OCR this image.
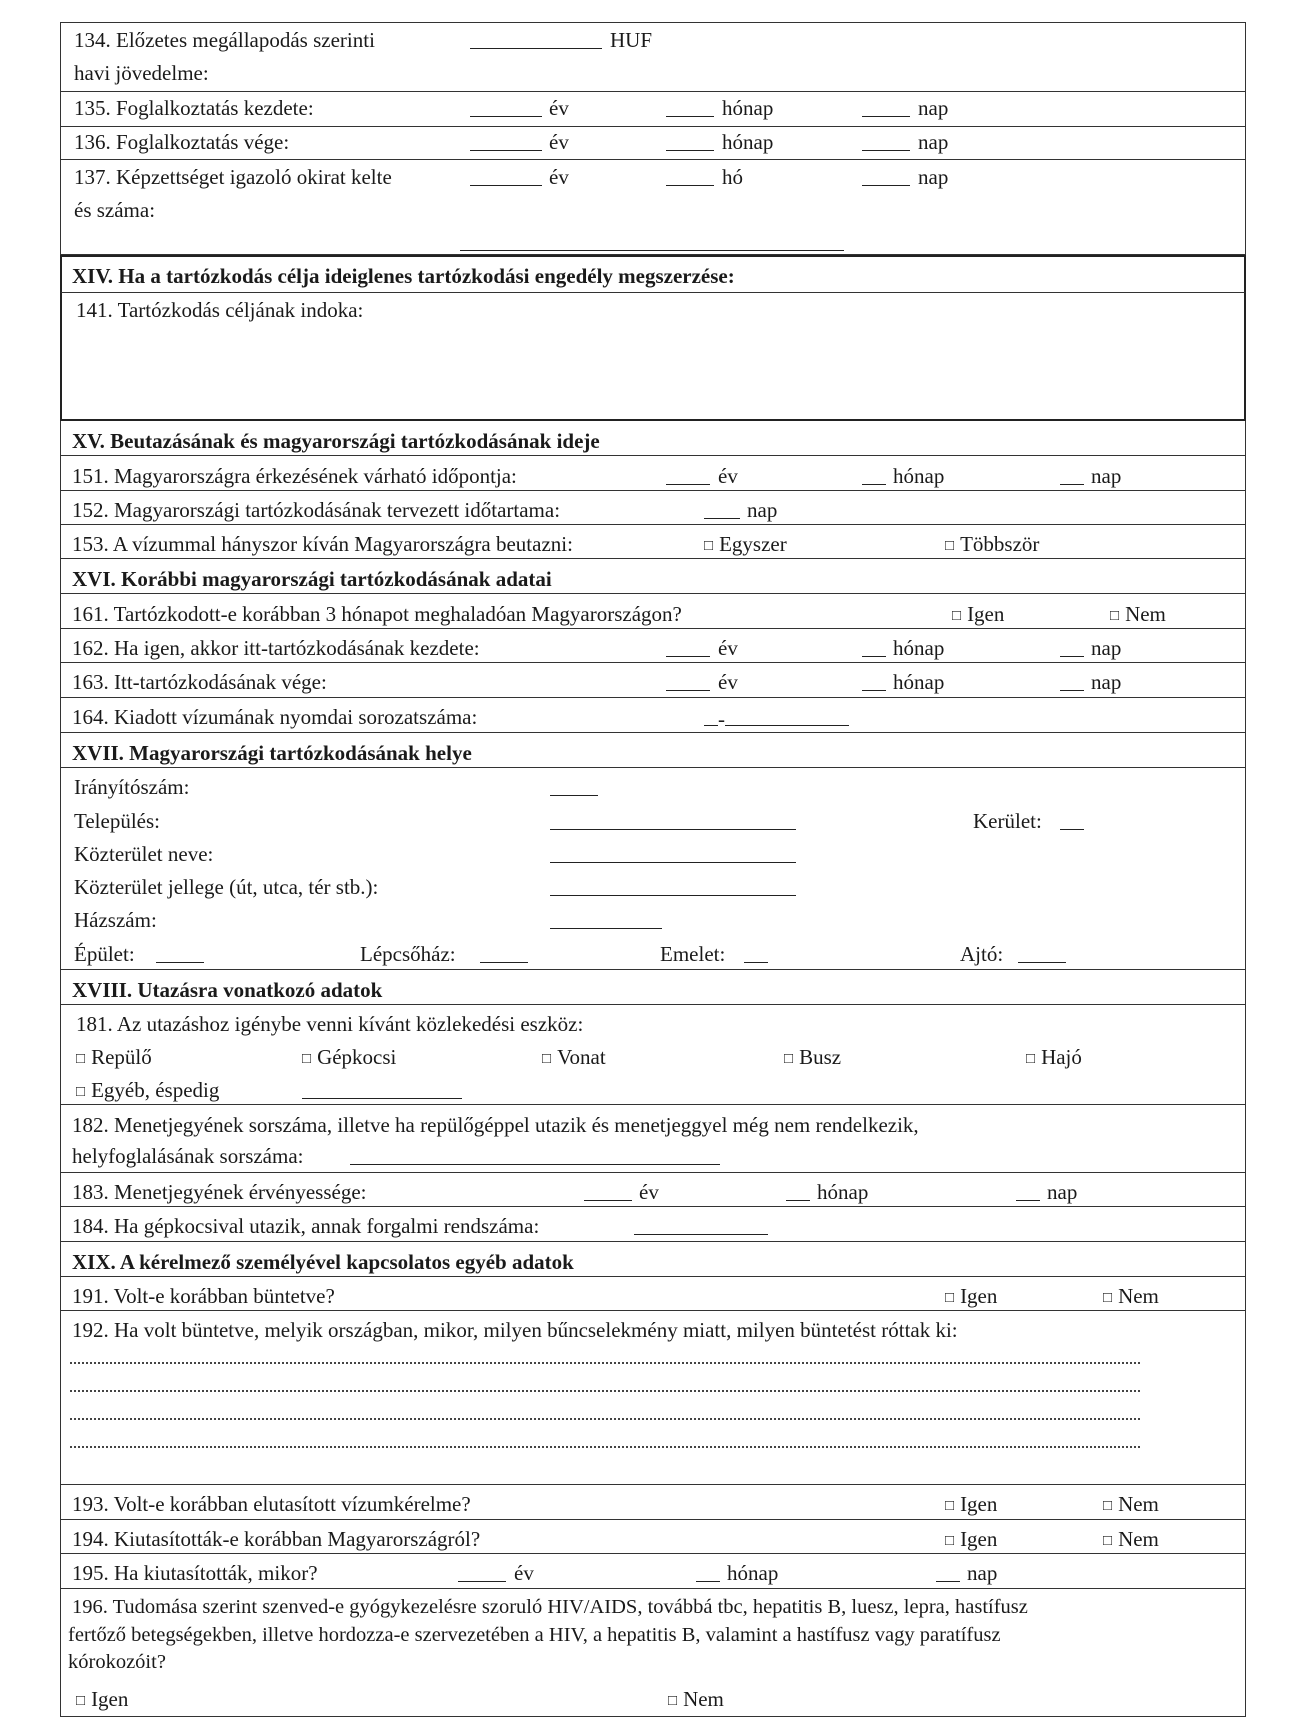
134. Előzetes megállapodás szerinti
havi jövedelme:
HUF
135. Foglalkoztatás kezdete:	év	hónap	nap
136. Foglalkoztatás vége:	év	hónap	nap
137. Képzettséget igazoló okirat kelte
és száma:
év	hó	nap
XIV. Ha a tartózkodás célja ideiglenes tartózkodási engedély megszerzése:
141. Tartózkodás céljának indoka:
XV. Beutazásának és magyarországi tartózkodásának ideje
151. Magyarországra érkezésének várható időpontja:	év	hónap	nap
152. Magyarországi tartózkodásának tervezett időtartama:	nap
153. A vízummal hányszor kíván Magyarországra beutazni:	□ Egyszer	□ Többször
XVI. Korábbi magyarországi tartózkodásának adatai
161. Tartózkodott-e korábban 3 hónapot meghaladóan Magyarországon?	□ Igen	□ Nem
162. Ha igen, akkor itt-tartózkodásának kezdete:	év	hónap	nap
163. Itt-tartózkodásának vége:	év	hónap	nap
164. Kiadott vízumának nyomdai sorozatszáma:	-
XVII. Magyarországi tartózkodásának helye
Irányítószám:
Település:	Kerület:
Közterület neve:
Közterület jellege (út, utca, tér stb.):
Házszám:
Épület:	Lépcsőház:	Emelet:	Ajtó:
XVIII. Utazásra vonatkozó adatok
181. Az utazáshoz igénybe venni kívánt közlekedési eszköz:
□ Repülő	□ Gépkocsi	□ Vonat	□ Busz	□ Hajó
□ Egyéb, éspedig
182. Menetjegyének sorszáma, illetve ha repülőgéppel utazik és menetjeggyel még nem rendelkezik,
helyfoglalásának sorszáma:
183. Menetjegyének érvényessége:	év	hónap	nap
184. Ha gépkocsival utazik, annak forgalmi rendszáma:
XIX. A kérelmező személyével kapcsolatos egyéb adatok
191. Volt-e korábban büntetve?	□ Igen	□ Nem
192. Ha volt büntetve, melyik országban, mikor, milyen bűncselekmény miatt, milyen büntetést róttak ki:
193. Volt-e korábban elutasított vízumkérelme?	□ Igen	□ Nem
194. Kiutasították-e korábban Magyarországról?	□ Igen	□ Nem
195. Ha kiutasították, mikor?	év	hónap	nap
196. Tudomása szerint szenved-e gyógykezelésre szoruló HIV/AIDS, továbbá tbc, hepatitis B, luesz, lepra, hastífusz
fertőző betegségekben, illetve hordozza-e szervezetében a HIV, a hepatitis B, valamint a hastífusz vagy paratífusz
kórokozóit?
□ Igen	□ Nem
